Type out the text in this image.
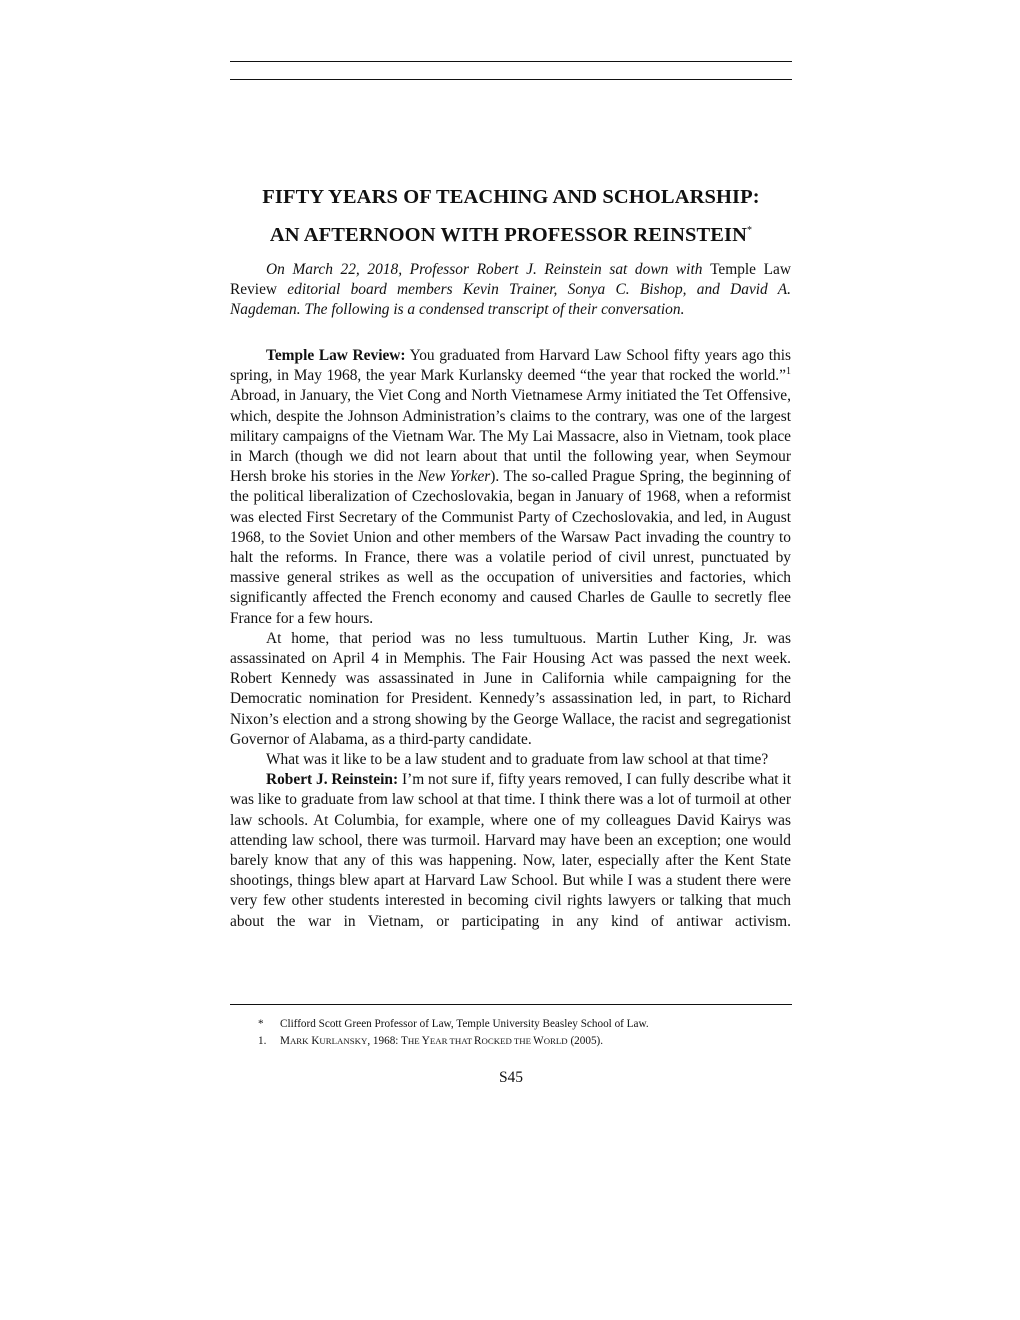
FIFTY YEARS OF TEACHING AND SCHOLARSHIP:
AN AFTERNOON WITH PROFESSOR REINSTEIN*

On March 22, 2018, Professor Robert J. Reinstein sat down with Temple Law Review editorial board members Kevin Trainer, Sonya C. Bishop, and David A. Nagdeman. The following is a condensed transcript of their conversation.

Temple Law Review: You graduated from Harvard Law School fifty years ago this spring, in May 1968, the year Mark Kurlansky deemed “the year that rocked the world.”$^1$ Abroad, in January, the Viet Cong and North Vietnamese Army initiated the Tet Offensive, which, despite the Johnson Administration’s claims to the contrary, was one of the largest military campaigns of the Vietnam War. The My Lai Massacre, also in Vietnam, took place in March (though we did not learn about that until the following year, when Seymour Hersh broke his stories in the New Yorker). The so-called Prague Spring, the beginning of the political liberalization of Czechoslovakia, began in January of 1968, when a reformist was elected First Secretary of the Communist Party of Czechoslovakia, and led, in August 1968, to the Soviet Union and other members of the Warsaw Pact invading the country to halt the reforms. In France, there was a volatile period of civil unrest, punctuated by massive general strikes as well as the occupation of universities and factories, which significantly affected the French economy and caused Charles de Gaulle to secretly flee France for a few hours.

At home, that period was no less tumultuous. Martin Luther King, Jr. was assassinated on April 4 in Memphis. The Fair Housing Act was passed the next week. Robert Kennedy was assassinated in June in California while campaigning for the Democratic nomination for President. Kennedy’s assassination led, in part, to Richard Nixon’s election and a strong showing by the George Wallace, the racist and segregationist Governor of Alabama, as a third-party candidate.

What was it like to be a law student and to graduate from law school at that time?

Robert J. Reinstein: I’m not sure if, fifty years removed, I can fully describe what it was like to graduate from law school at that time. I think there was a lot of turmoil at other law schools. At Columbia, for example, where one of my colleagues David Kairys was attending law school, there was turmoil. Harvard may have been an exception; one would barely know that any of this was happening. Now, later, especially after the Kent State shootings, things blew apart at Harvard Law School. But while I was a student there were very few other students interested in becoming civil rights lawyers or talking that much about the war in Vietnam, or participating in any kind of antiwar activism.

* Clifford Scott Green Professor of Law, Temple University Beasley School of Law.
1. MARK KURLANSKY, 1968: THE YEAR THAT ROCKED THE WORLD (2005).
S45
